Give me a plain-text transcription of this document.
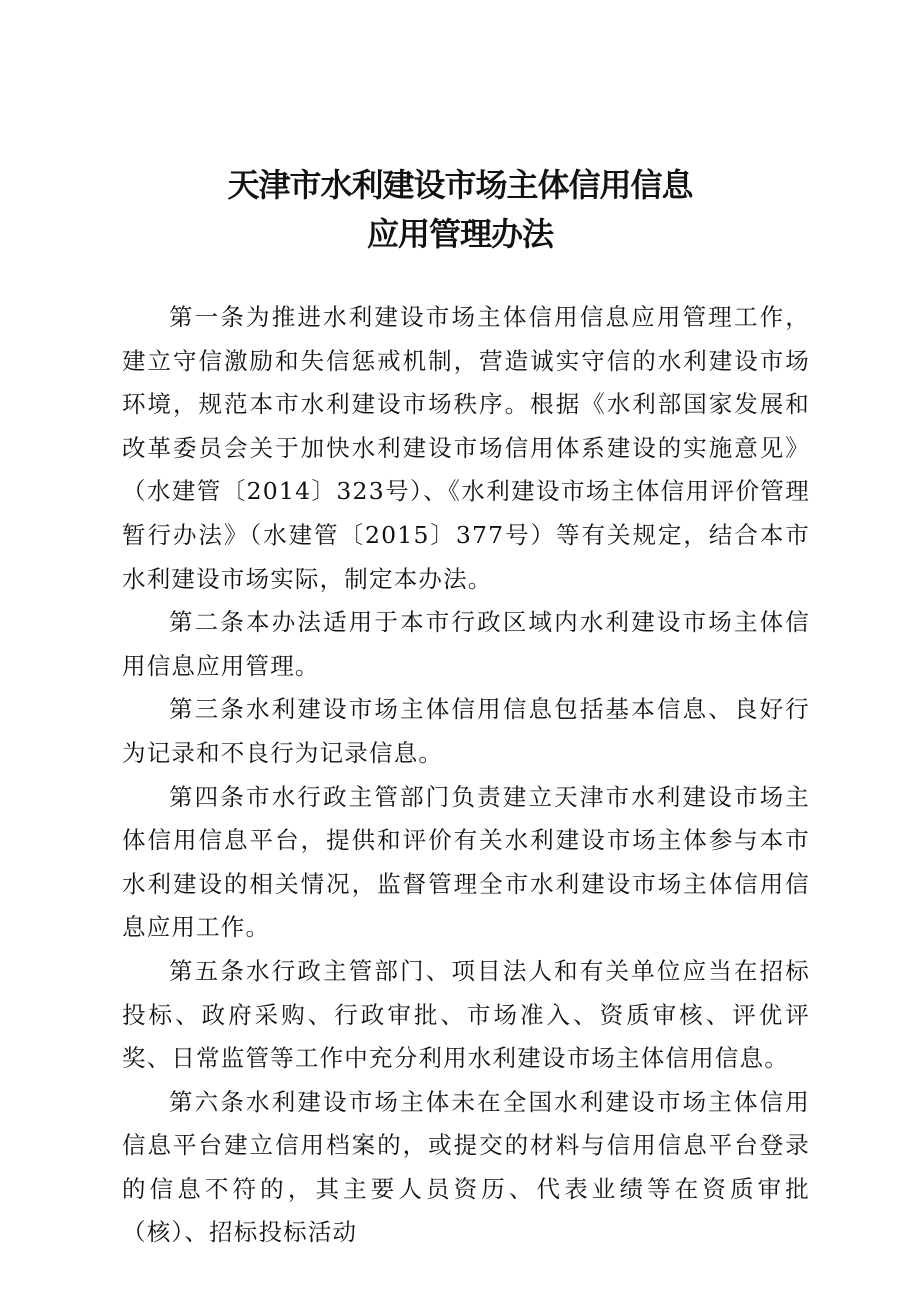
天津市水利建设市场主体信用信息
应用管理办法

第一条为推进水利建设市场主体信用信息应用管理工作，建立守信激励和失信惩戒机制，营造诚实守信的水利建设市场环境，规范本市水利建设市场秩序。根据《水利部国家发展和改革委员会关于加快水利建设市场信用体系建设的实施意见》（水建管〔2014〕323号）、《水利建设市场主体信用评价管理暂行办法》（水建管〔2015〕377号）等有关规定，结合本市水利建设市场实际，制定本办法。

第二条本办法适用于本市行政区域内水利建设市场主体信用信息应用管理。

第三条水利建设市场主体信用信息包括基本信息、良好行为记录和不良行为记录信息。

第四条市水行政主管部门负责建立天津市水利建设市场主体信用信息平台，提供和评价有关水利建设市场主体参与本市水利建设的相关情况，监督管理全市水利建设市场主体信用信息应用工作。

第五条水行政主管部门、项目法人和有关单位应当在招标投标、政府采购、行政审批、市场准入、资质审核、评优评奖、日常监管等工作中充分利用水利建设市场主体信用信息。

第六条水利建设市场主体未在全国水利建设市场主体信用信息平台建立信用档案的，或提交的材料与信用信息平台登录的信息不符的，其主要人员资历、代表业绩等在资质审批（核）、招标投标活动
